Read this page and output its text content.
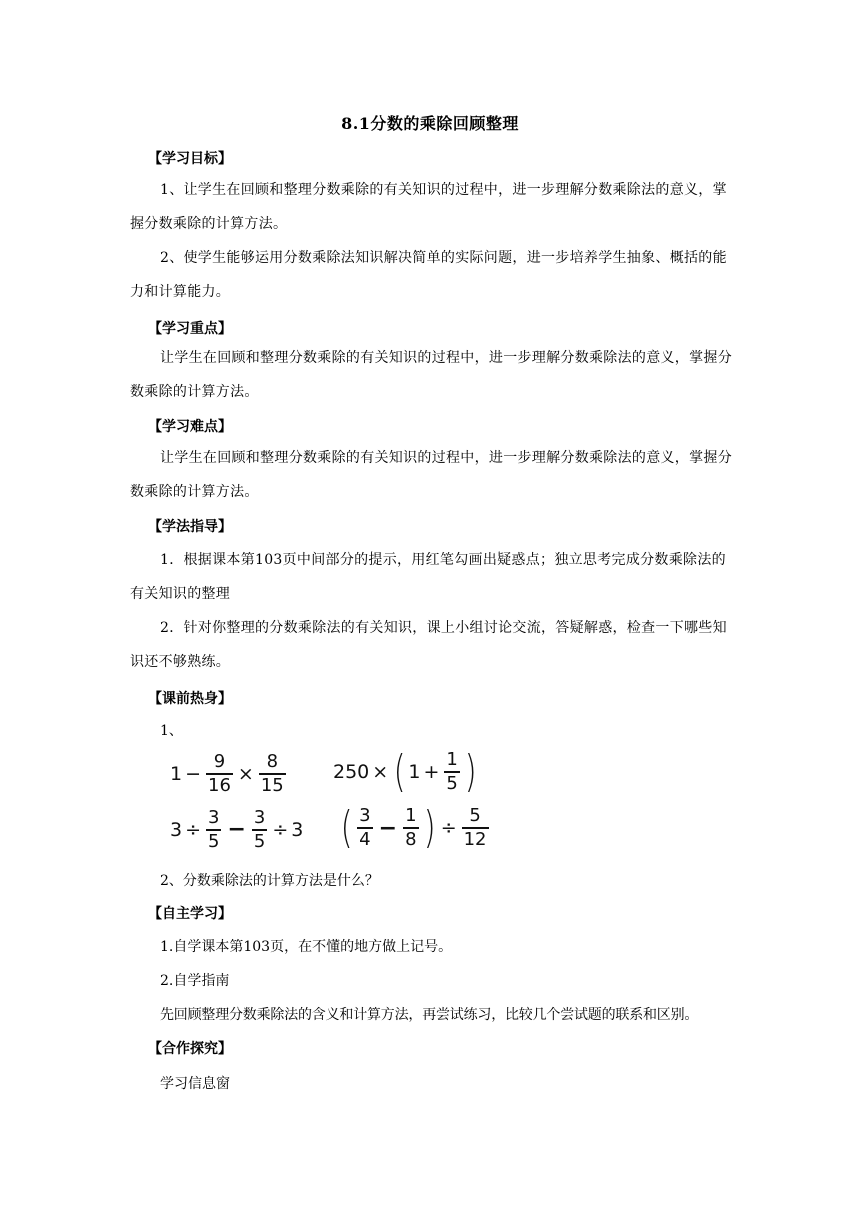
8.1分数的乘除回顾整理
【学习目标】
1、让学生在回顾和整理分数乘除的有关知识的过程中，进一步理解分数乘除法的意义，掌握分数乘除的计算方法。
2、使学生能够运用分数乘除法知识解决简单的实际问题，进一步培养学生抽象、概括的能力和计算能力。
【学习重点】
让学生在回顾和整理分数乘除的有关知识的过程中，进一步理解分数乘除法的意义，掌握分数乘除的计算方法。
【学习难点】
让学生在回顾和整理分数乘除的有关知识的过程中，进一步理解分数乘除法的意义，掌握分数乘除的计算方法。
【学法指导】
1．根据课本第103页中间部分的提示，用红笔勾画出疑惑点；独立思考完成分数乘除法的有关知识的整理
2．针对你整理的分数乘除法的有关知识，课上小组讨论交流，答疑解惑，检查一下哪些知识还不够熟练。
【课前热身】
1、
$1 - \frac{9}{16} \times \frac{8}{15} 250$ × ( $1 + \frac{1}{5}$ )
$3 \div \frac{3}{5} - \frac{3}{5} \div 3$ ( $\frac{3}{4} - \frac{1}{8}$ ) ÷ $\frac{5}{12}$
2、分数乘除法的计算方法是什么？
【自主学习】
1.自学课本第103页，在不懂的地方做上记号。
2.自学指南
先回顾整理分数乘除法的含义和计算方法，再尝试练习，比较几个尝试题的联系和区别。
【合作探究】
学习信息窗
